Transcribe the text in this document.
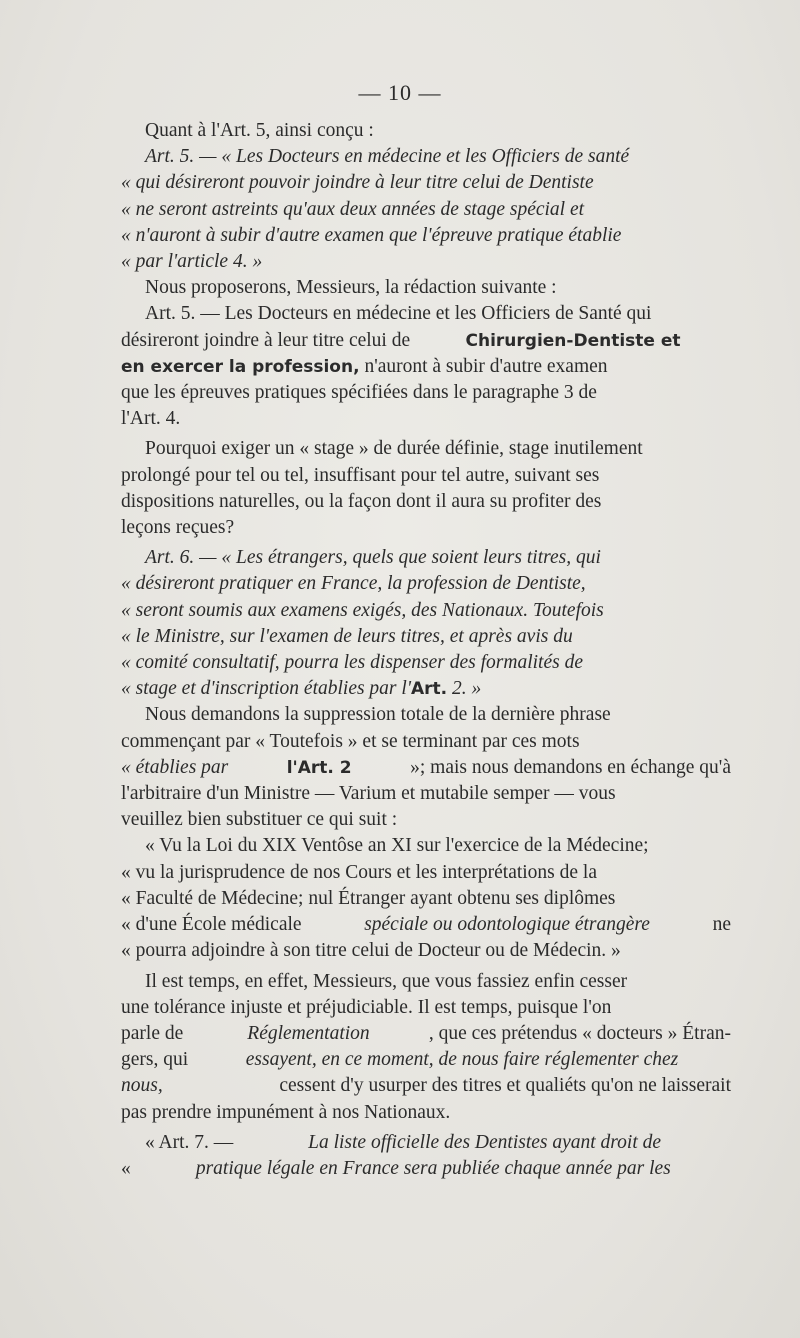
— 10 —
Quant à l'Art. 5, ainsi conçu :
Art. 5. — « Les Docteurs en médecine et les Officiers de santé
« qui désireront pouvoir joindre à leur titre celui de Dentiste
« ne seront astreints qu'aux deux années de stage spécial et
« n'auront à subir d'autre examen que l'épreuve pratique établie
« par l'article 4. »
Nous proposerons, Messieurs, la rédaction suivante :
Art. 5. — Les Docteurs en médecine et les Officiers de Santé qui
désireront joindre à leur titre celui de	Chirurgien-Dentiste et
en exercer la profession, n'auront à subir d'autre examen
que les épreuves pratiques spécifiées dans le paragraphe 3 de
l'Art. 4.
Pourquoi exiger un « stage » de durée définie, stage inutilement
prolongé pour tel ou tel, insuffisant pour tel autre, suivant ses
dispositions naturelles, ou la façon dont il aura su profiter des
leçons reçues?
Art. 6. — « Les étrangers, quels que soient leurs titres, qui
« désireront pratiquer en France, la profession de Dentiste,
« seront soumis aux examens exigés, des Nationaux. Toutefois
« le Ministre, sur l'examen de leurs titres, et après avis du
« comité consultatif, pourra les dispenser des formalités de
« stage et d'inscription établies par l' Art. 2. »
Nous demandons la suppression totale de la dernière phrase
commençant par « Toutefois » et se terminant par ces mots
« établies par	l'Art. 2	»; mais nous demandons en échange qu'à
l'arbitraire d'un Ministre — Varium et mutabile semper — vous
veuillez bien substituer ce qui suit :
« Vu la Loi du XIX Ventôse an XI sur l'exercice de la Médecine;
« vu la jurisprudence de nos Cours et les interprétations de la
« Faculté de Médecine; nul Étranger ayant obtenu ses diplômes
« d'une École médicale	spéciale ou odontologique étrangère	ne
« pourra adjoindre à son titre celui de Docteur ou de Médecin. »
Il est temps, en effet, Messieurs, que vous fassiez enfin cesser
une tolérance injuste et préjudiciable. Il est temps, puisque l'on
parle de	Réglementation	, que ces prétendus « docteurs » Étran-
gers, qui	essayent, en ce moment, de nous faire réglementer chez
nous,	cessent d'y usurper des titres et qualiéts qu'on ne laisserait
pas prendre impunément à nos Nationaux.
« Art. 7. —	La liste officielle des Dentistes ayant droit de
«	pratique légale en France sera publiée chaque année par les
